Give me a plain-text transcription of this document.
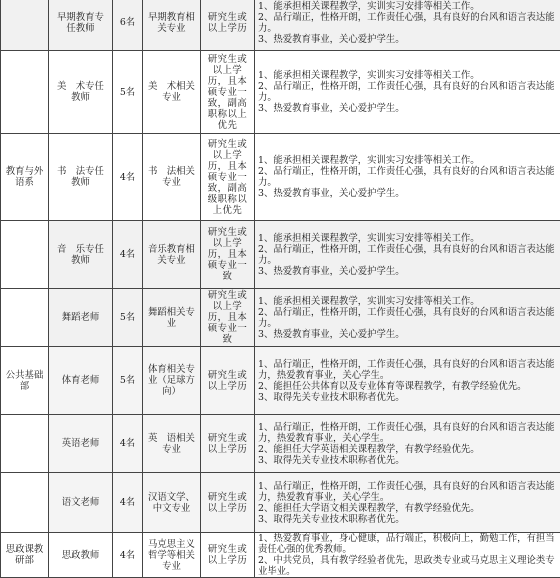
	早期教育专任教师	6名	早期教育相关专业	研究生或以上学历	1、能承担相关课程教学，实训实习安排等相关工作。
2、品行端正，性格开朗，工作责任心强，具有良好的台风和语言表达能力。
3、热爱教育事业，关心爱护学生。

	美　术专任教师	5名	美　术相关专业	研究生或以上学历，且本硕专业一致，副高职称以上优先	1、能承担相关课程教学，实训实习安排等相关工作。
2、品行端正，性格开朗，工作责任心强，具有良好的台风和语言表达能力。
3、热爱教育事业，关心爱护学生。

教育与外语系	书　法专任教师	4名	书　法相关专业	研究生或以上学历，且本硕专业一致，副高级职称以上优先	1、能承担相关课程教学，实训实习安排等相关工作。
2、品行端正，性格开朗，工作责任心强，具有良好的台风和语言表达能力。
3、热爱教育事业，关心爱护学生。

	音　乐专任教师	4名	音乐教育相关专业	研究生或以上学历，且本硕专业一致	1、能承担相关课程教学，实训实习安排等相关工作。
2、品行端正，性格开朗，工作责任心强，具有良好的台风和语言表达能力。
3、热爱教育事业，关心爱护学生。

	舞蹈老师	5名	舞蹈相关专业	研究生或以上学历，且本硕专业一致	1、能承担相关课程教学，实训实习安排等相关工作。
2、品行端正，性格开朗，工作责任心强，具有良好的台风和语言表达能力。
3、热爱教育事业，关心爱护学生。

公共基础部	体育老师	5名	体育相关专业（足球方向）	研究生或以上学历	1、品行端正，性格开朗，工作责任心强，具有良好的台风和语言表达能力，热爱教育事业，关心学生。
2、能担任公共体育以及专业体育等课程教学，有教学经验优先。
3、取得先关专业技术职称者优先。

	英语老师	4名	英　语相关专业	研究生或以上学历	1、品行端正，性格开朗，工作责任心强，具有良好的台风和语言表达能力，热爱教育事业，关心学生。
2、能担任大学英语相关课程教学，有教学经验优先。
3、取得先关专业技术职称者优先。

	语文老师	4名	汉语文学、中文专业	研究生或以上学历	1、品行端正，性格开朗，工作责任心强，具有良好的台风和语言表达能力，热爱教育事业，关心学生。
2、能担任大学语文相关课程教学，有教学经验优先。
3、取得先关专业技术职称者优先。

思政课教研部	思政教师	4名	马克思主义哲学等相关专业	研究生或以上学历	1、热爱教育事业，身心健康，品行端正，积极向上，勤勉工作，有担当责任心强的优秀教师。
2、中共党员，具有教学经验者优先，思政类专业或马克思主义理论类专业毕业。
